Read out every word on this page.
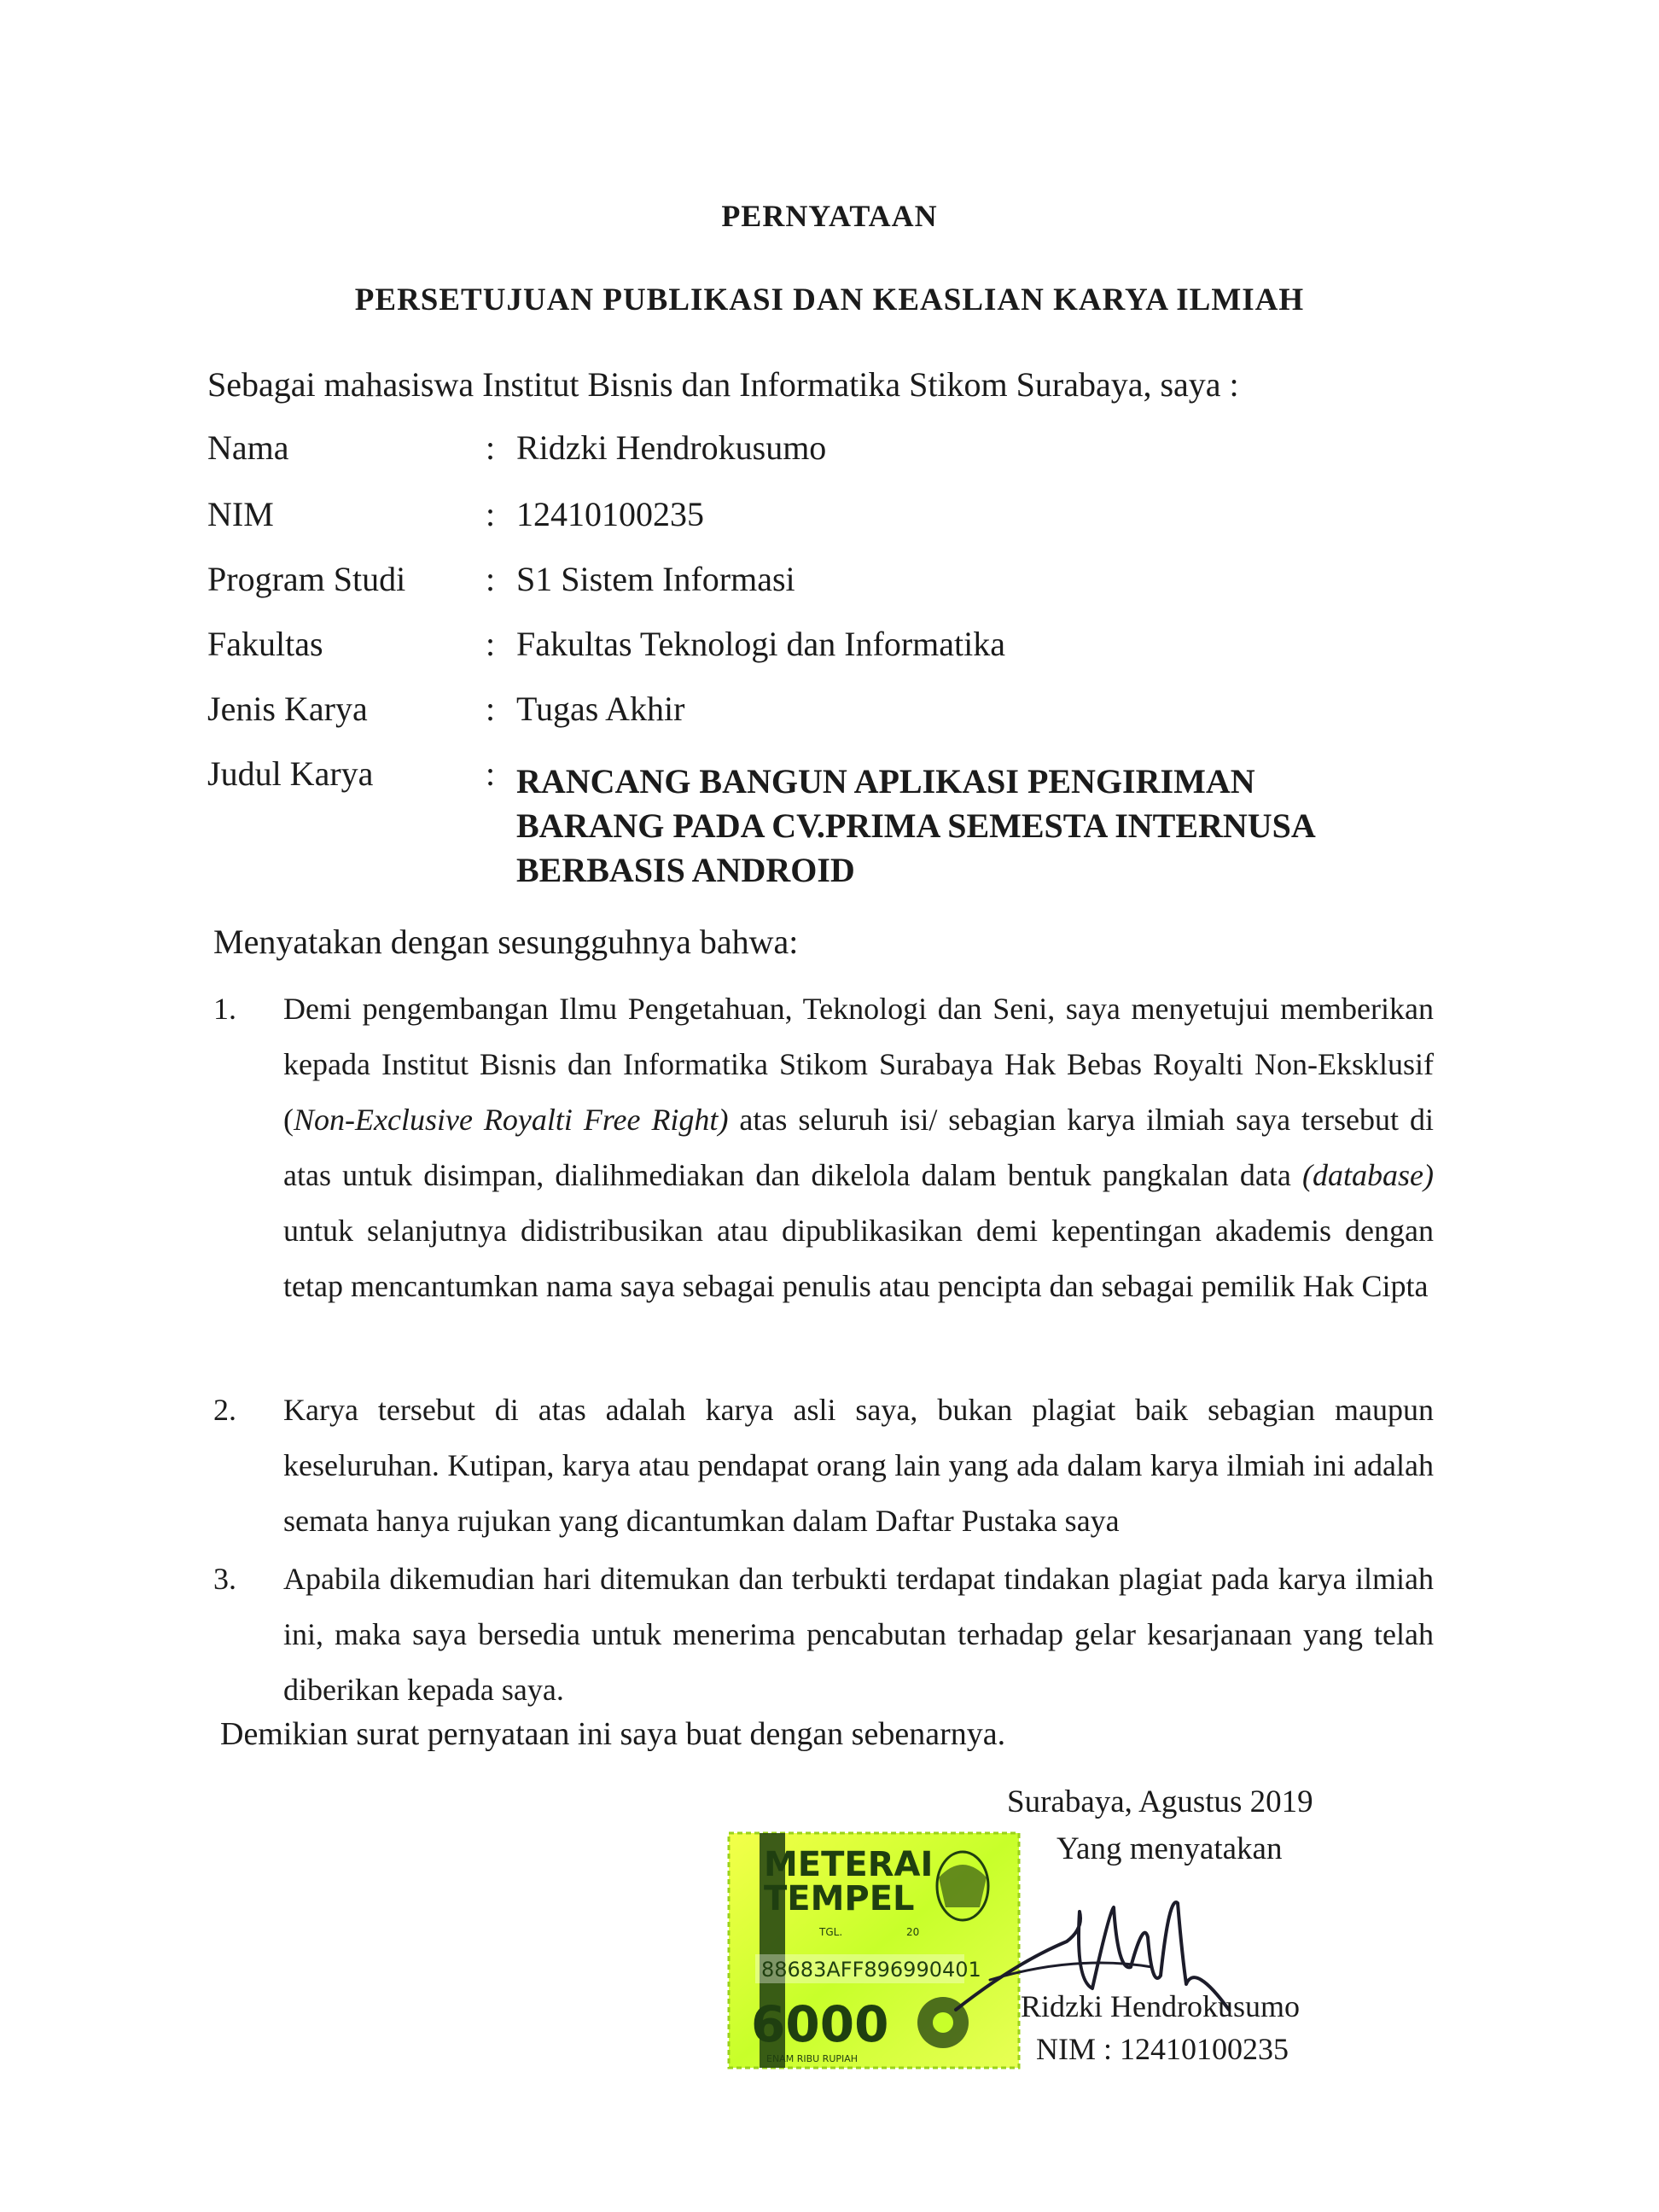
PERNYATAAN
PERSETUJUAN PUBLIKASI DAN KEASLIAN KARYA ILMIAH
Sebagai mahasiswa Institut Bisnis dan Informatika Stikom Surabaya, saya :
Nama	: Ridzki Hendrokusumo
NIM	: 12410100235
Program Studi : S1 Sistem Informasi
Fakultas	: Fakultas Teknologi dan Informatika
Jenis Karya	: Tugas Akhir
Judul Karya	: RANCANG BANGUN APLIKASI PENGIRIMAN
BARANG PADA CV.PRIMA SEMESTA INTERNUSA
BERBASIS ANDROID
Menyatakan dengan sesungguhnya bahwa:
1. Demi pengembangan Ilmu Pengetahuan, Teknologi dan Seni, saya menyetujui memberikan kepada Institut Bisnis dan Informatika Stikom Surabaya Hak Bebas Royalti Non-Eksklusif (Non-Exclusive Royalti Free Right) atas seluruh isi/ sebagian karya ilmiah saya tersebut di atas untuk disimpan, dialihmediakan dan dikelola dalam bentuk pangkalan data (database) untuk selanjutnya didistribusikan atau dipublikasikan demi kepentingan akademis dengan tetap mencantumkan nama saya sebagai penulis atau pencipta dan sebagai pemilik Hak Cipta
2. Karya tersebut di atas adalah karya asli saya, bukan plagiat baik sebagian maupun keseluruhan. Kutipan, karya atau pendapat orang lain yang ada dalam karya ilmiah ini adalah semata hanya rujukan yang dicantumkan dalam Daftar Pustaka saya
3. Apabila dikemudian hari ditemukan dan terbukti terdapat tindakan plagiat pada karya ilmiah ini, maka saya bersedia untuk menerima pencabutan terhadap gelar kesarjanaan yang telah diberikan kepada saya.
Demikian surat pernyataan ini saya buat dengan sebenarnya.
Surabaya, Agustus 2019
Yang menyatakan
METERAI
TEMPEL
TGL.	20
88683AFF896990401
6000
ENAM RIBU RUPIAH
Ridzki Hendrokusumo
NIM : 12410100235
